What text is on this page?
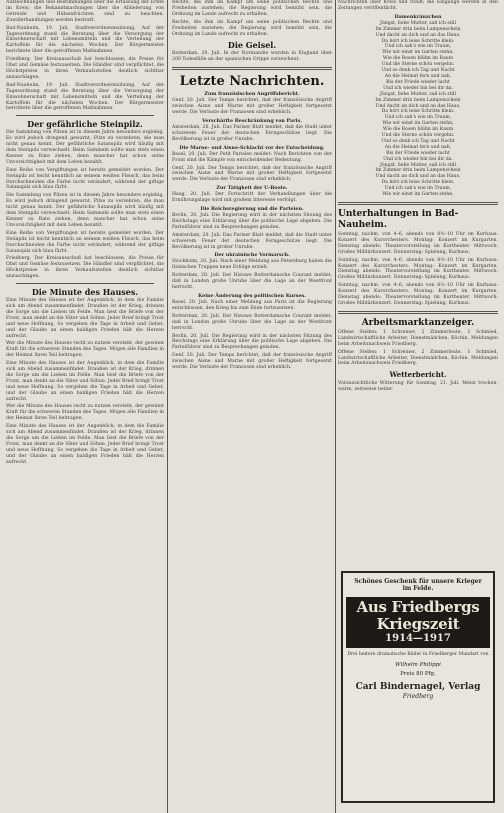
Aufzeichnungen und Bestimmungen über die Erfassung der Ernte im Kreis; die Bekanntmachungen über die Ablieferung von Getreide und Hülsenfrüchten sind zu beachten. Zuwiderhandlungen werden bestraft.

Bad-Nauheim, 19. Juli. Stadtverordnetensitzung. Auf der Tagesordnung stand die Beratung über die Versorgung der Einwohnerschaft mit Lebensmitteln und die Verteilung der Kartoffeln für die nächsten Wochen. Der Bürgermeister berichtete über die getroffenen Maßnahmen.

Friedberg. Der Kreisausschuß hat beschlossen, die Preise für Obst und Gemüse festzusetzen. Die Händler sind verpflichtet, die Höchstpreise in ihren Verkaufsstellen deutlich sichtbar anzuschlagen.

Bad-Nauheim, 19. Juli. Stadtverordnetensitzung. Auf der Tagesordnung stand die Beratung über die Versorgung der Einwohnerschaft mit Lebensmitteln und die Verteilung der Kartoffeln für die nächsten Wochen. Der Bürgermeister berichtete über die getroffenen Maßnahmen.

Der gefährliche Steinpilz.

Die Sammlung von Pilzen ist in diesem Jahre besonders ergiebig. Es wird jedoch dringend gewarnt, Pilze zu verzehren, die man nicht genau kennt. Der gefährliche Satanspilz wird häufig mit dem Steinpilz verwechselt. Beim Sammeln sollte man stets einen Kenner zu Rate ziehen, denn mancher hat schon seine Unvorsichtigkeit mit dem Leben bezahlt.

Eine Reihe von Vergiftungen ist bereits gemeldet worden. Der Steinpilz ist leicht kenntlich an seinem weißen Fleisch, das beim Durchschneiden die Farbe nicht verändert, während der giftige Satanspilz sich blau färbt.

Die Sammlung von Pilzen ist in diesem Jahre besonders ergiebig. Es wird jedoch dringend gewarnt, Pilze zu verzehren, die man nicht genau kennt. Der gefährliche Satanspilz wird häufig mit dem Steinpilz verwechselt. Beim Sammeln sollte man stets einen Kenner zu Rate ziehen, denn mancher hat schon seine Unvorsichtigkeit mit dem Leben bezahlt.

Eine Reihe von Vergiftungen ist bereits gemeldet worden. Der Steinpilz ist leicht kenntlich an seinem weißen Fleisch, das beim Durchschneiden die Farbe nicht verändert, während der giftige Satanspilz sich blau färbt.

Friedberg. Der Kreisausschuß hat beschlossen, die Preise für Obst und Gemüse festzusetzen. Die Händler sind verpflichtet, die Höchstpreise in ihren Verkaufsstellen deutlich sichtbar anzuschlagen.

Die Minute des Hauses.

Eine Minute des Hauses ist der Augenblick, in dem die Familie sich am Abend zusammenfindet. Draußen ist der Krieg, drinnen die Sorge um die Lieben im Felde. Man liest die Briefe von der Front, man denkt an die Väter und Söhne. Jeder Brief bringt Trost und neue Hoffnung. So vergehen die Tage in Arbeit und Gebet, und der Glaube an einen baldigen Frieden hält die Herzen aufrecht.

Wer die Minute des Hauses recht zu nutzen versteht, der gewinnt Kraft für die schweren Stunden des Tages. Mögen alle Familien in der Heimat ihren Teil beitragen.

Eine Minute des Hauses ist der Augenblick, in dem die Familie sich am Abend zusammenfindet. Draußen ist der Krieg, drinnen die Sorge um die Lieben im Felde. Man liest die Briefe von der Front, man denkt an die Väter und Söhne. Jeder Brief bringt Trost und neue Hoffnung. So vergehen die Tage in Arbeit und Gebet, und der Glaube an einen baldigen Frieden hält die Herzen aufrecht.

Wer die Minute des Hauses recht zu nutzen versteht, der gewinnt Kraft für die schweren Stunden des Tages. Mögen alle Familien in der Heimat ihren Teil beitragen.

Eine Minute des Hauses ist der Augenblick, in dem die Familie sich am Abend zusammenfindet. Draußen ist der Krieg, drinnen die Sorge um die Lieben im Felde. Man liest die Briefe von der Front, man denkt an die Väter und Söhne. Jeder Brief bringt Trost und neue Hoffnung. So vergehen die Tage in Arbeit und Gebet, und der Glaube an einen baldigen Frieden hält die Herzen aufrecht.

Rechte, die ihm im Kampf um seine politischen Rechte und Freiheiten zustehen; die Regierung wird bemüht sein, die Ordnung im Lande aufrecht zu erhalten.

Rechte, die ihm im Kampf um seine politischen Rechte und Freiheiten zustehen; die Regierung wird bemüht sein, die Ordnung im Lande aufrecht zu erhalten.

Die Geisel.

Rotterdam, 20. Juli. In der Normandie wurden in England über 200 Todesfälle an der spanischen Grippe verzeichnet.

Letzte Nachrichten.
Zum französischen Angriffsbericht.

Genf, 20. Juli. Der Temps berichtet, daß der französische Angriff zwischen Aisne und Marne mit großer Heftigkeit fortgesetzt werde. Die Verluste der Franzosen sind erheblich.

Verschärfte Beschränkung von Paris.

Amsterdam, 20. Juli. Das Pariser Blatt meldet, daß die Stadt unter schwerem Feuer der deutschen Ferngeschütze liegt. Die Bevölkerung ist in großer Unruhe.

Die Marne- und Aisne-Schlacht vor der Entscheidung.

Basel, 20. Juli. Der Petit Parisien meldet: Nach Berichten von der Front sind die Kämpfe von entscheidender Bedeutung.

Genf, 20. Juli. Der Temps berichtet, daß der französische Angriff zwischen Aisne und Marne mit großer Heftigkeit fortgesetzt werde. Die Verluste der Franzosen sind erheblich.

Zur Tätigkeit der U-Boote.

Haag, 20. Juli. Der Fortschritt der Verhandlungen über die Ernährungslage wird mit großem Interesse verfolgt.

Die Reichsregierung und die Parteien.

Berlin, 20. Juli. Die Regierung wird in der nächsten Sitzung des Reichstags eine Erklärung über die politische Lage abgeben. Die Parteiführer sind zu Besprechungen geladen.

Amsterdam, 20. Juli. Das Pariser Blatt meldet, daß die Stadt unter schwerem Feuer der deutschen Ferngeschütze liegt. Die Bevölkerung ist in großer Unruhe.

Der ukrainische Vormarsch.

Stockholm, 20. Juli. Nach einer Meldung aus Petersburg haben die finnischen Truppen neue Erfolge erzielt.

Rotterdam, 20. Juli. Der Nieuwe Rotterdamsche Courant meldet, daß in London große Unruhe über die Lage an der Westfront herrscht.

Keine Änderung des politischen Kurses.

Basel, 20. Juli. Nach einer Meldung aus Paris ist die Regierung entschlossen, den Krieg bis zum Ende fortzusetzen.

Rotterdam, 20. Juli. Der Nieuwe Rotterdamsche Courant meldet, daß in London große Unruhe über die Lage an der Westfront herrscht.

Berlin, 20. Juli. Die Regierung wird in der nächsten Sitzung des Reichstags eine Erklärung über die politische Lage abgeben. Die Parteiführer sind zu Besprechungen geladen.

Genf, 20. Juli. Der Temps berichtet, daß der französische Angriff zwischen Aisne und Marne mit großer Heftigkeit fortgesetzt werde. Die Verluste der Franzosen sind erheblich.

Nachrichten über Kreis und Stadt; die Eingänge werden in den Zeitungen veröffentlicht.

Damenkränzchen

Jüngst, liebe Mutter, saß ich still

Im Zimmer drin beim Lampenschein

Und dacht an dich und an das Haus,

Da hört ich leise Schritte klein.

Und ich sah's wie im Traum,

Wie wir einst im Garten stehn,

Wie die Rosen blühn im Raum

Und die Sterne schön vergehn.

Und so denk ich Tag und Nacht

An die Heimat fern und nah,

Bis der Friede wieder lacht

Und ich wieder bin bei dir da.

Jüngst, liebe Mutter, saß ich still

Im Zimmer drin beim Lampenschein

Und dacht an dich und an das Haus,

Da hört ich leise Schritte klein.

Und ich sah's wie im Traum,

Wie wir einst im Garten stehn,

Wie die Rosen blühn im Raum

Und die Sterne schön vergehn.

Und so denk ich Tag und Nacht

An die Heimat fern und nah,

Bis der Friede wieder lacht

Und ich wieder bin bei dir da.

Jüngst, liebe Mutter, saß ich still

Im Zimmer drin beim Lampenschein

Und dacht an dich und an das Haus,

Da hört ich leise Schritte klein.

Und ich sah's wie im Traum,

Wie wir einst im Garten stehn,

Unterhaltungen in Bad-Nauheim.

Sonntag, nachm. von 4–6, abends von 8½–10 Uhr im Kurhaus: Konzert des Kurorchesters. Montag: Konzert im Kurgarten. Dienstag abends: Theatervorstellung im Kurtheater. Mittwoch: Großes Militärkonzert. Donnerstag: Spielung, Kurhaus.

Sonntag, nachm. von 4–6, abends von 8½–10 Uhr im Kurhaus: Konzert des Kurorchesters. Montag: Konzert im Kurgarten. Dienstag abends: Theatervorstellung im Kurtheater. Mittwoch: Großes Militärkonzert. Donnerstag: Spielung, Kurhaus.

Sonntag, nachm. von 4–6, abends von 8½–10 Uhr im Kurhaus: Konzert des Kurorchesters. Montag: Konzert im Kurgarten. Dienstag abends: Theatervorstellung im Kurtheater. Mittwoch: Großes Militärkonzert. Donnerstag: Spielung, Kurhaus.

Arbeitsmarktanzeiger.

Offene Stellen: 1 Schreiner, 2 Zimmerleute, 1 Schmied, Landwirtschaftliche Arbeiter, Dienstmädchen, Köchin. Meldungen beim Arbeitsnachweis Friedberg.

Offene Stellen: 1 Schreiner, 2 Zimmerleute, 1 Schmied, Landwirtschaftliche Arbeiter, Dienstmädchen, Köchin. Meldungen beim Arbeitsnachweis Friedberg.

Wetterbericht.

Voraussichtliche Witterung für Sonntag, 21. Juli. Meist trocken, warm, zeitweise heiter.

Schönes Geschenk für unsere Krieger
im Felde.
Aus Friedbergs Kriegszeit
1914—1917
Drei heitere dramatische Bilder in Friedberger Mundart von
Wilhelm Philippi
Preis 80 Pfg.
Carl Bindernagel, Verlag
Friedberg
